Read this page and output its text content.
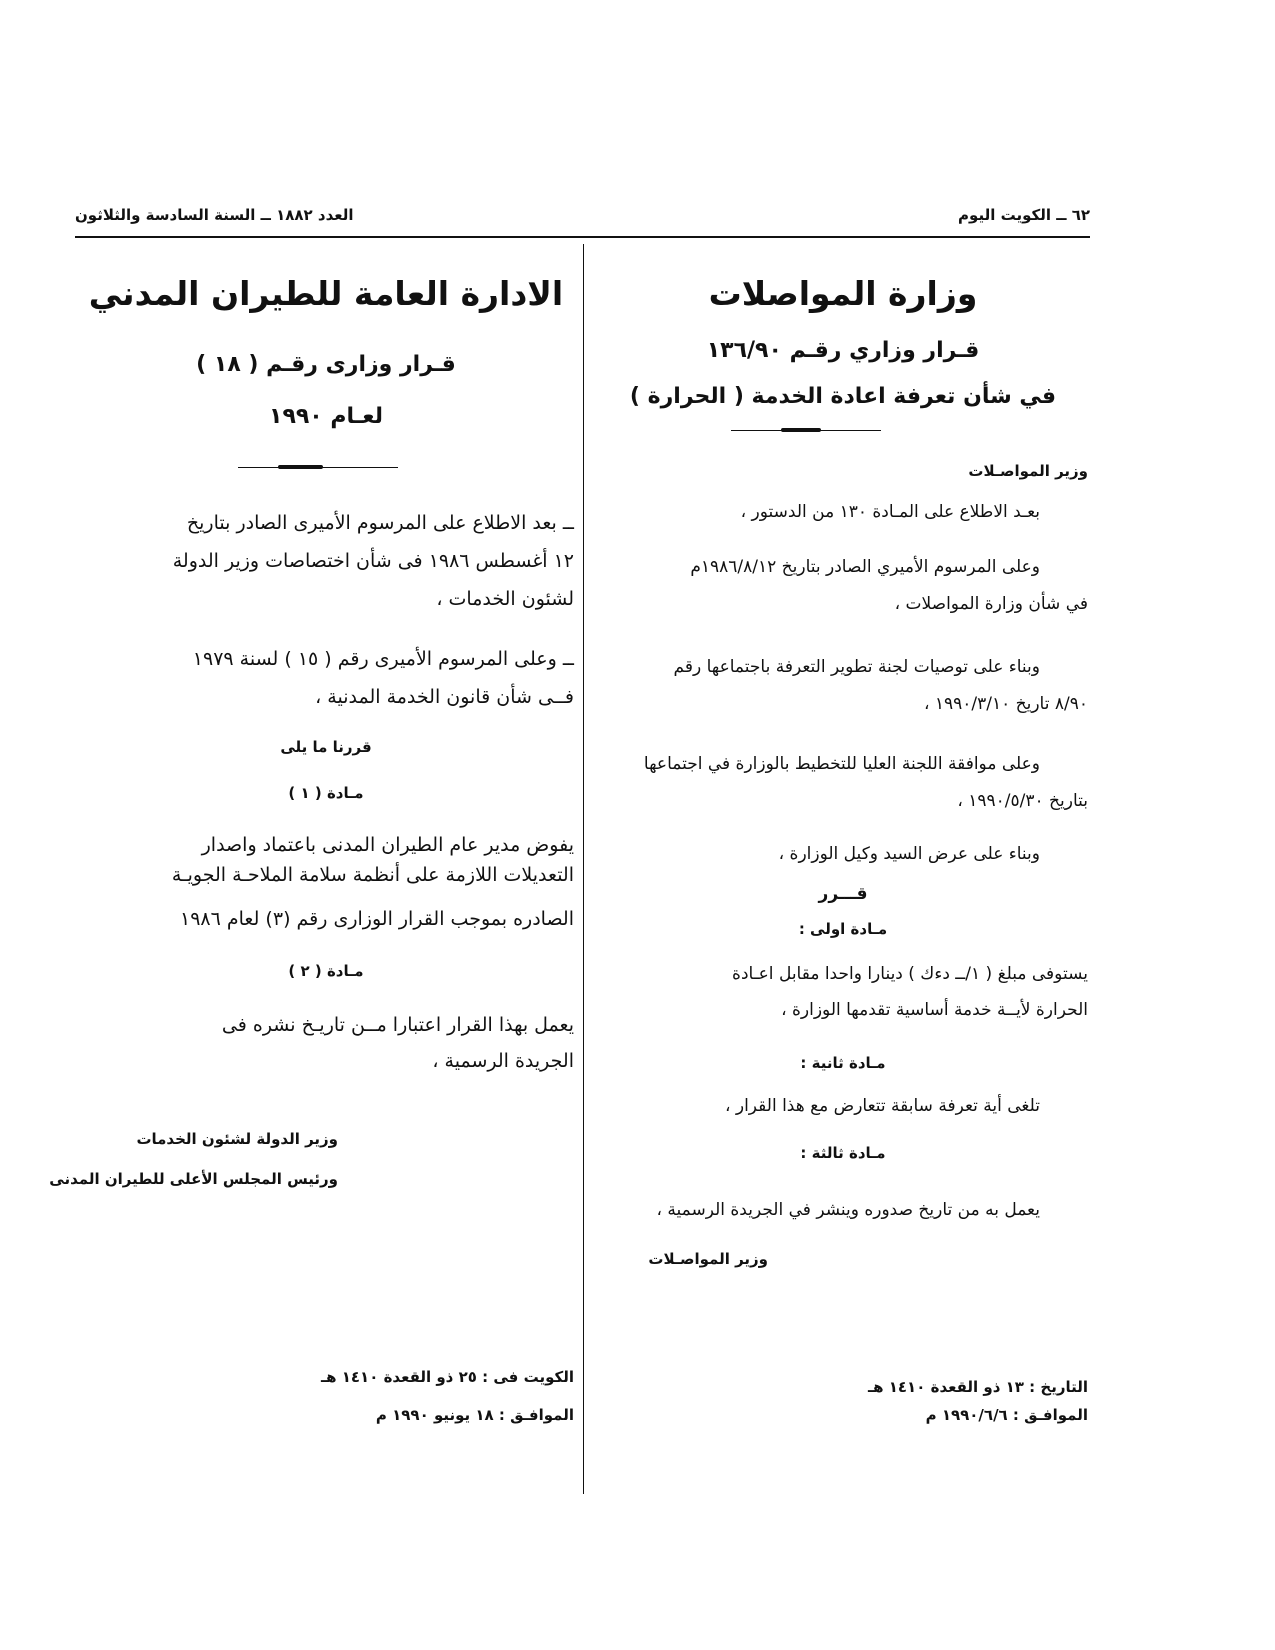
٦٢ ــ الكويت اليوم
العدد ١٨٨٢ ــ السنة السادسة والثلاثون
وزارة المواصلات
قـرار وزاري رقـم ١٣٦/٩٠
في شأن تعرفة اعادة الخدمة ( الحرارة )
وزير المواصـلات
بعـد الاطلاع على المـادة ١٣٠ من الدستور ،
وعلى المرسوم الأميري الصادر بتاريخ ١٩٨٦/٨/١٢م
في شأن وزارة المواصلات ،
وبناء على توصيات لجنة تطوير التعرفة باجتماعها رقم
٨/٩٠ تاريخ ١٩٩٠/٣/١٠ ،
وعلى موافقة اللجنة العليا للتخطيط بالوزارة في اجتماعها
بتاريخ ١٩٩٠/٥/٣٠ ،
وبناء على عرض السيد وكيل الوزارة ،
قـــرر
مـادة اولى :
يستوفى مبلغ ( ١/ــ دءك ) دينارا واحدا مقابل اعـادة
الحرارة لأيــة خدمة أساسية تقدمها الوزارة ،
مـادة ثانية :
تلغى أية تعرفة سابقة تتعارض مع هذا القرار ،
مـادة ثالثة :
يعمل به من تاريخ صدوره وينشر في الجريدة الرسمية ،
وزير المواصـلات
التاريخ : ١٣ ذو القعدة ١٤١٠ هـ
الموافـق : ١٩٩٠/٦/٦ م
الادارة العامة للطيران المدني
قـرار وزارى رقـم ( ١٨ )
لعـام ١٩٩٠
ــ بعد الاطلاع على المرسوم الأميرى الصادر بتاريخ
١٢ أغسطس ١٩٨٦ فى شأن اختصاصات وزير الدولة
لشئون الخدمات ،
ــ وعلى المرسوم الأميرى رقم ( ١٥ ) لسنة ١٩٧٩
فــى شأن قانون الخدمة المدنية ،
قررنا ما يلى
مـادة ( ١ )
يفوض مدير عام الطيران المدنى باعتماد واصدار
التعديلات اللازمة على أنظمة سلامة الملاحـة الجويـة
الصادره بموجب القرار الوزارى رقم (٣) لعام ١٩٨٦
مـادة ( ٢ )
يعمل بهذا القرار اعتبارا مــن تاريـخ نشره فى
الجريدة الرسمية ،
وزير الدولة لشئون الخدمات
ورئيس المجلس الأعلى للطيران المدنى
الكويت فى : ٢٥ ذو القعدة ١٤١٠ هـ
الموافـق : ١٨ يونيو ١٩٩٠ م
